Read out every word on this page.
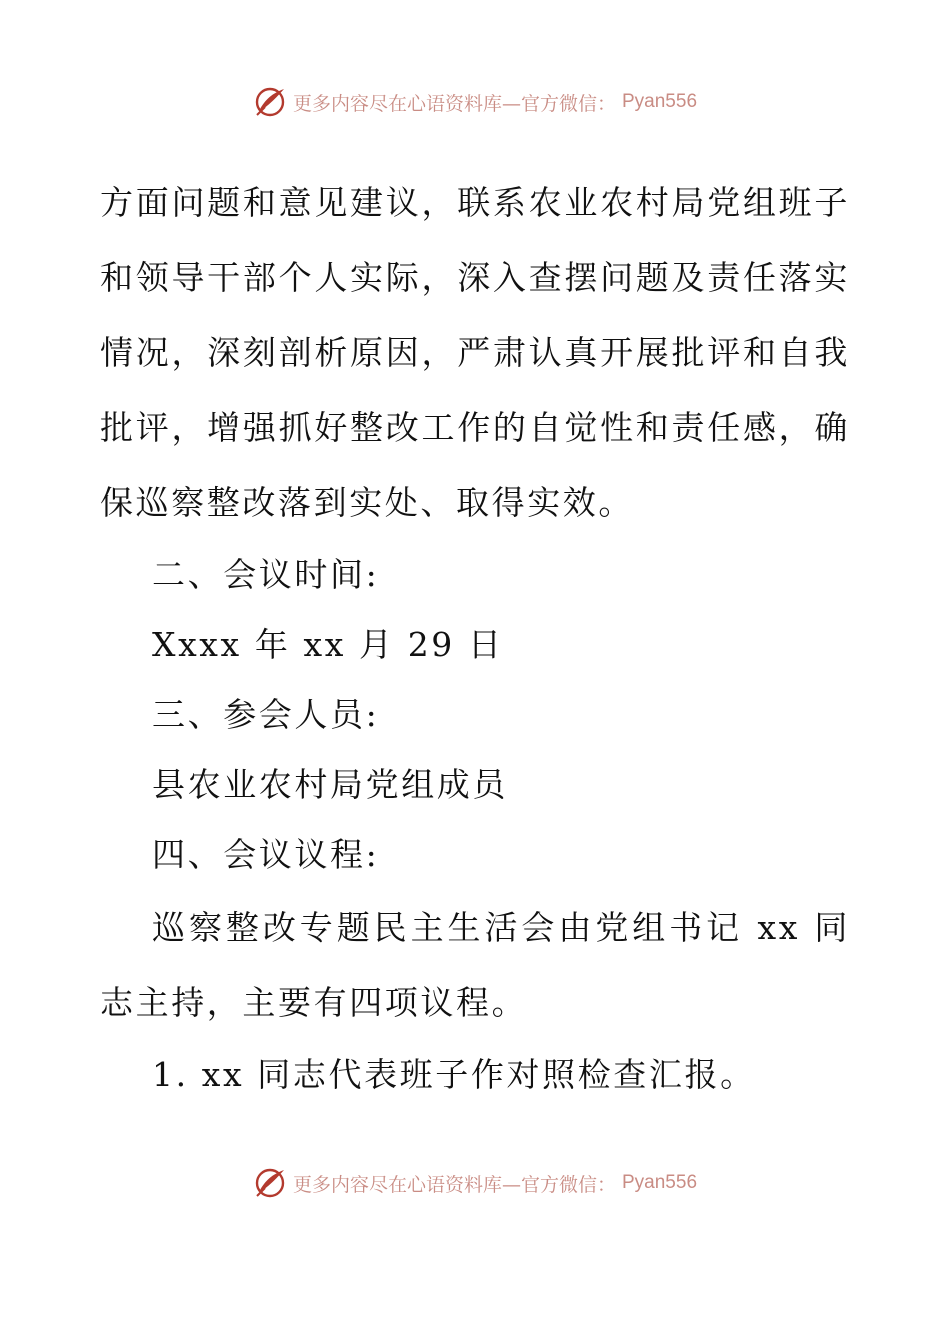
更多内容尽在心语资料库—官方微信： Pyan556

方面问题和意见建议，联系农业农村局党组班子和领导干部个人实际，深入查摆问题及责任落实情况，深刻剖析原因，严肃认真开展批评和自我批评，增强抓好整改工作的自觉性和责任感，确保巡察整改落到实处、取得实效。

二、会议时间:

Xxxx 年 xx 月 29 日

三、参会人员:

县农业农村局党组成员

四、会议议程:

巡察整改专题民主生活会由党组书记 xx 同志主持，主要有四项议程。

1. xx 同志代表班子作对照检查汇报。

更多内容尽在心语资料库—官方微信： Pyan556
